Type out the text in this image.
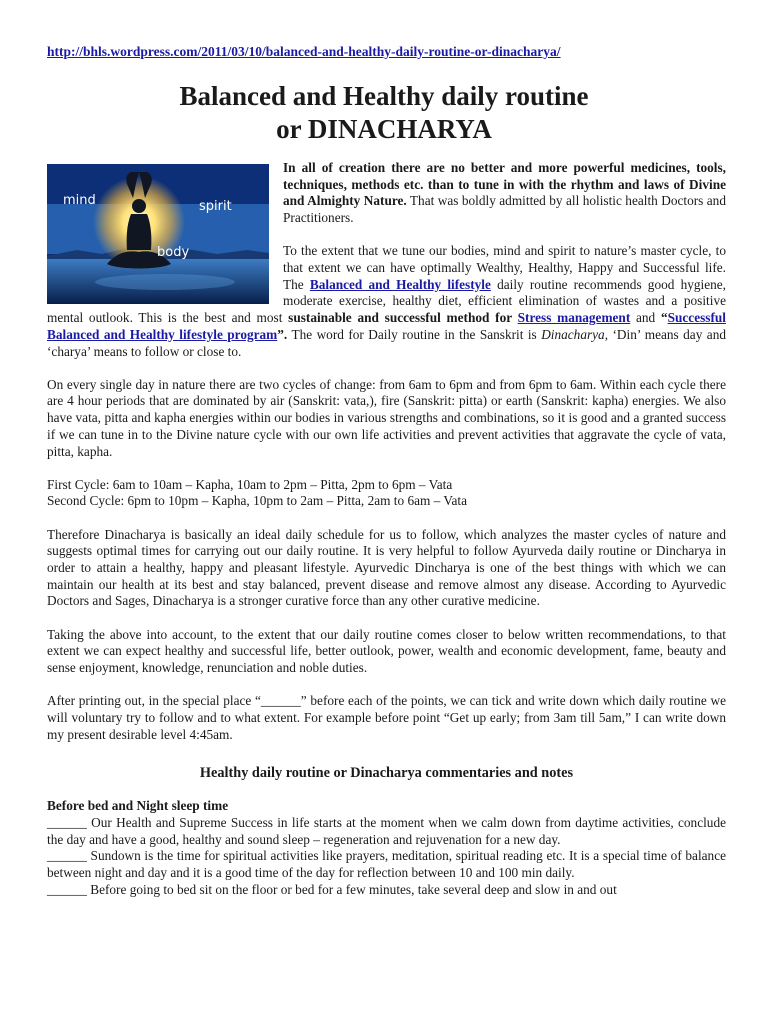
http://bhls.wordpress.com/2011/03/10/balanced-and-healthy-daily-routine-or-dinacharya/
Balanced and Healthy daily routine
or DINACHARYA
mind	spirit
body

In all of creation there are no better and more powerful medicines, tools, techniques, methods etc. than to tune in with the rhythm and laws of Divine and Almighty Nature. That was boldly admitted by all holistic health Doctors and Practitioners.

To the extent that we tune our bodies, mind and spirit to nature’s master cycle, to that extent we can have optimally Wealthy, Healthy, Happy and Successful life. The Balanced and Healthy lifestyle daily routine recommends good hygiene, moderate exercise, healthy diet, efficient elimination of wastes and a positive mental outlook. This is the best and most sustainable and successful method for Stress management and “Successful Balanced and Healthy lifestyle program”. The word for Daily routine in the Sanskrit is Dinacharya, ‘Din’ means day and ‘charya’ means to follow or close to.

On every single day in nature there are two cycles of change: from 6am to 6pm and from 6pm to 6am. Within each cycle there are 4 hour periods that are dominated by air (Sanskrit: vata,), fire (Sanskrit: pitta) or earth (Sanskrit: kapha) energies. We also have vata, pitta and kapha energies within our bodies in various strengths and combinations, so it is good and a granted success if we can tune in to the Divine nature cycle with our own life activities and prevent activities that aggravate the cycle of vata, pitta, kapha.

First Cycle: 6am to 10am – Kapha, 10am to 2pm – Pitta, 2pm to 6pm – Vata
Second Cycle: 6pm to 10pm – Kapha, 10pm to 2am – Pitta, 2am to 6am – Vata

Therefore Dinacharya is basically an ideal daily schedule for us to follow, which analyzes the master cycles of nature and suggests optimal times for carrying out our daily routine. It is very helpful to follow Ayurveda daily routine or Dincharya in order to attain a healthy, happy and pleasant lifestyle. Ayurvedic Dincharya is one of the best things with which we can maintain our health at its best and stay balanced, prevent disease and remove almost any disease. According to Ayurvedic Doctors and Sages, Dinacharya is a stronger curative force than any other curative medicine.

Taking the above into account, to the extent that our daily routine comes closer to below written recommendations, to that extent we can expect healthy and successful life, better outlook, power, wealth and economic development, fame, beauty and sense enjoyment, knowledge, renunciation and noble duties.

After printing out, in the special place “______” before each of the points, we can tick and write down which daily routine we will voluntary try to follow and to what extent. For example before point “Get up early; from 3am till 5am,” I can write down my present desirable level 4:45am.

Healthy daily routine or Dinacharya commentaries and notes
Before bed and Night sleep time
______ Our Health and Supreme Success in life starts at the moment when we calm down from daytime activities, conclude the day and have a good, healthy and sound sleep – regeneration and rejuvenation for a new day.
______ Sundown is the time for spiritual activities like prayers, meditation, spiritual reading etc. It is a special time of balance between night and day and it is a good time of the day for reflection between 10 and 100 min daily.
______ Before going to bed sit on the floor or bed for a few minutes, take several deep and slow in and out
